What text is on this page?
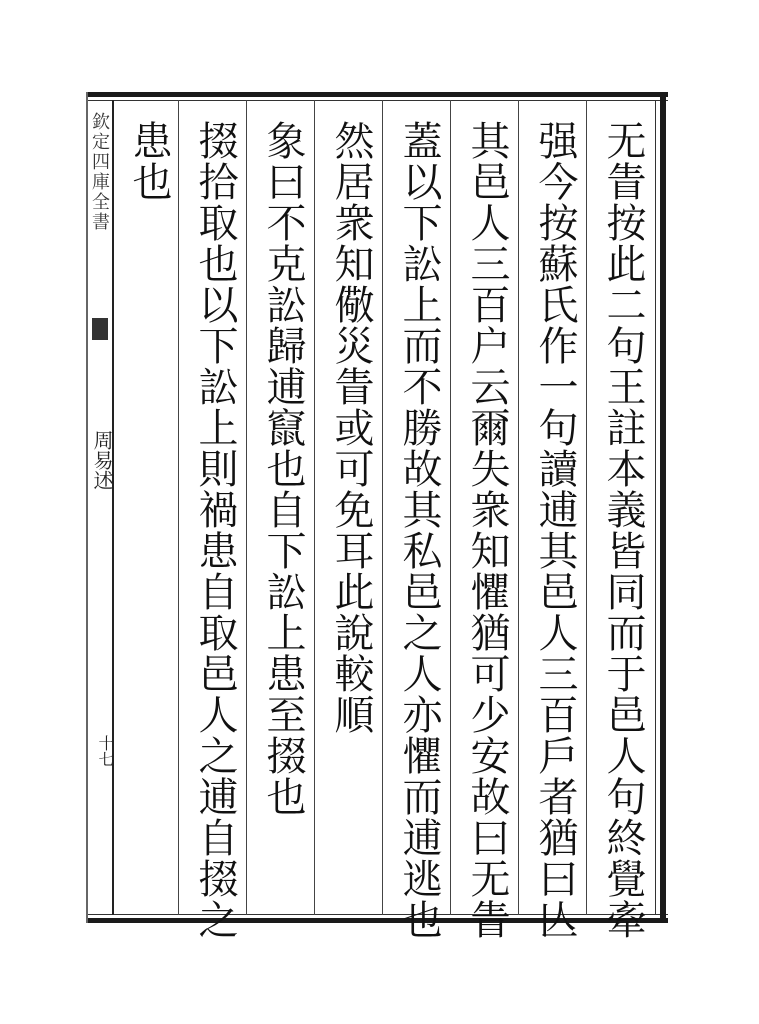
欽定四庫全書
周易述
十七	无眚按此二句王註本義皆同而于邑人句終覺牽
强今按蘇氏作一句讀逋其邑人三百戶者猶曰亾
其邑人三百户云爾失衆知懼猶可少安故曰无眚
蓋以下訟上而不勝故其私邑之人亦懼而逋逃也
然居衆知儆災眚或可免耳此說較順
象曰不克訟歸逋竄也自下訟上患至掇也
掇拾取也以下訟上則禍患自取邑人之逋自掇之
患也
